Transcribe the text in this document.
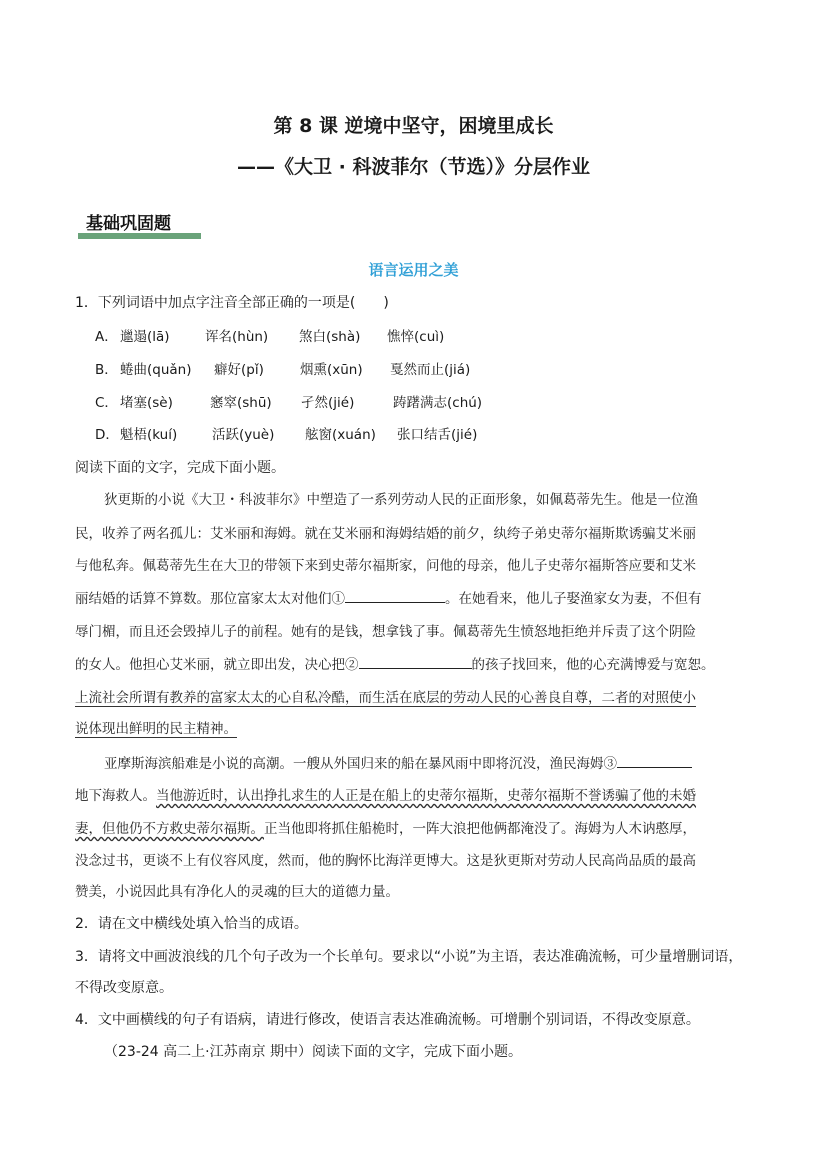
第 8 课 逆境中坚守，困境里成长
——《大卫 · 科波菲尔（节选）》分层作业
基础巩固题
语言运用之美
1．下列词语中加点字注音全部正确的一项是(　　)
A． 邋遢(lā)	诨名(hùn) 煞白(shà) 憔悴(cuì)
B． 蜷曲(quǎn) 癖好(pǐ)	烟熏(xūn) 戛然而止(jiá)
C． 堵塞(sè)	窸窣(shū) 孑然(jié)	踌躇满志(chú)
D． 魁梧(kuí)	活跃(yuè) 舷窗(xuán) 张口结舌(jié)
阅读下面的文字，完成下面小题。
狄更斯的小说《大卫・科波菲尔》中塑造了一系列劳动人民的正面形象，如佩葛蒂先生。他是一位渔
民，收养了两名孤儿：艾米丽和海姆。就在艾米丽和海姆结婚的前夕，纨绔子弟史蒂尔福斯欺诱骗艾米丽
与他私奔。佩葛蒂先生在大卫的带领下来到史蒂尔福斯家，问他的母亲，他儿子史蒂尔福斯答应要和艾米
丽结婚的话算不算数。那位富家太太对他们①	。在她看来，他儿子娶渔家女为妻，不但有
辱门楣，而且还会毁掉儿子的前程。她有的是钱，想拿钱了事。佩葛蒂先生愤怒地拒绝并斥责了这个阴险
的女人。他担心艾米丽，就立即出发，决心把②	的孩子找回来，他的心充满博爱与宽恕。
上流社会所谓有教养的富家太太的心自私冷酷，而生活在底层的劳动人民的心善良自尊，二者的对照使小
说体现出鲜明的民主精神。
亚摩斯海滨船难是小说的高潮。一艘从外国归来的船在暴风雨中即将沉没，渔民海姆③
地下海救人。当他游近时，认出挣扎求生的人正是在船上的史蒂尔福斯，史蒂尔福斯不誉诱骗了他的未婚
妻，但他仍不方救史蒂尔福斯。正当他即将抓住船桅时，一阵大浪把他俩都淹没了。海姆为人木讷憨厚，
没念过书，更谈不上有仪容风度，然而，他的胸怀比海洋更博大。这是狄更斯对劳动人民高尚品质的最高
赞美，小说因此具有净化人的灵魂的巨大的道德力量。
2．请在文中横线处填入恰当的成语。
3．请将文中画波浪线的几个句子改为一个长单句。要求以“小说”为主语，表达准确流畅，可少量增删词语，
不得改变原意。
4．文中画横线的句子有语病，请进行修改，使语言表达准确流畅。可增删个别词语，不得改变原意。
（23-24 高二上·江苏南京 期中）阅读下面的文字，完成下面小题。
